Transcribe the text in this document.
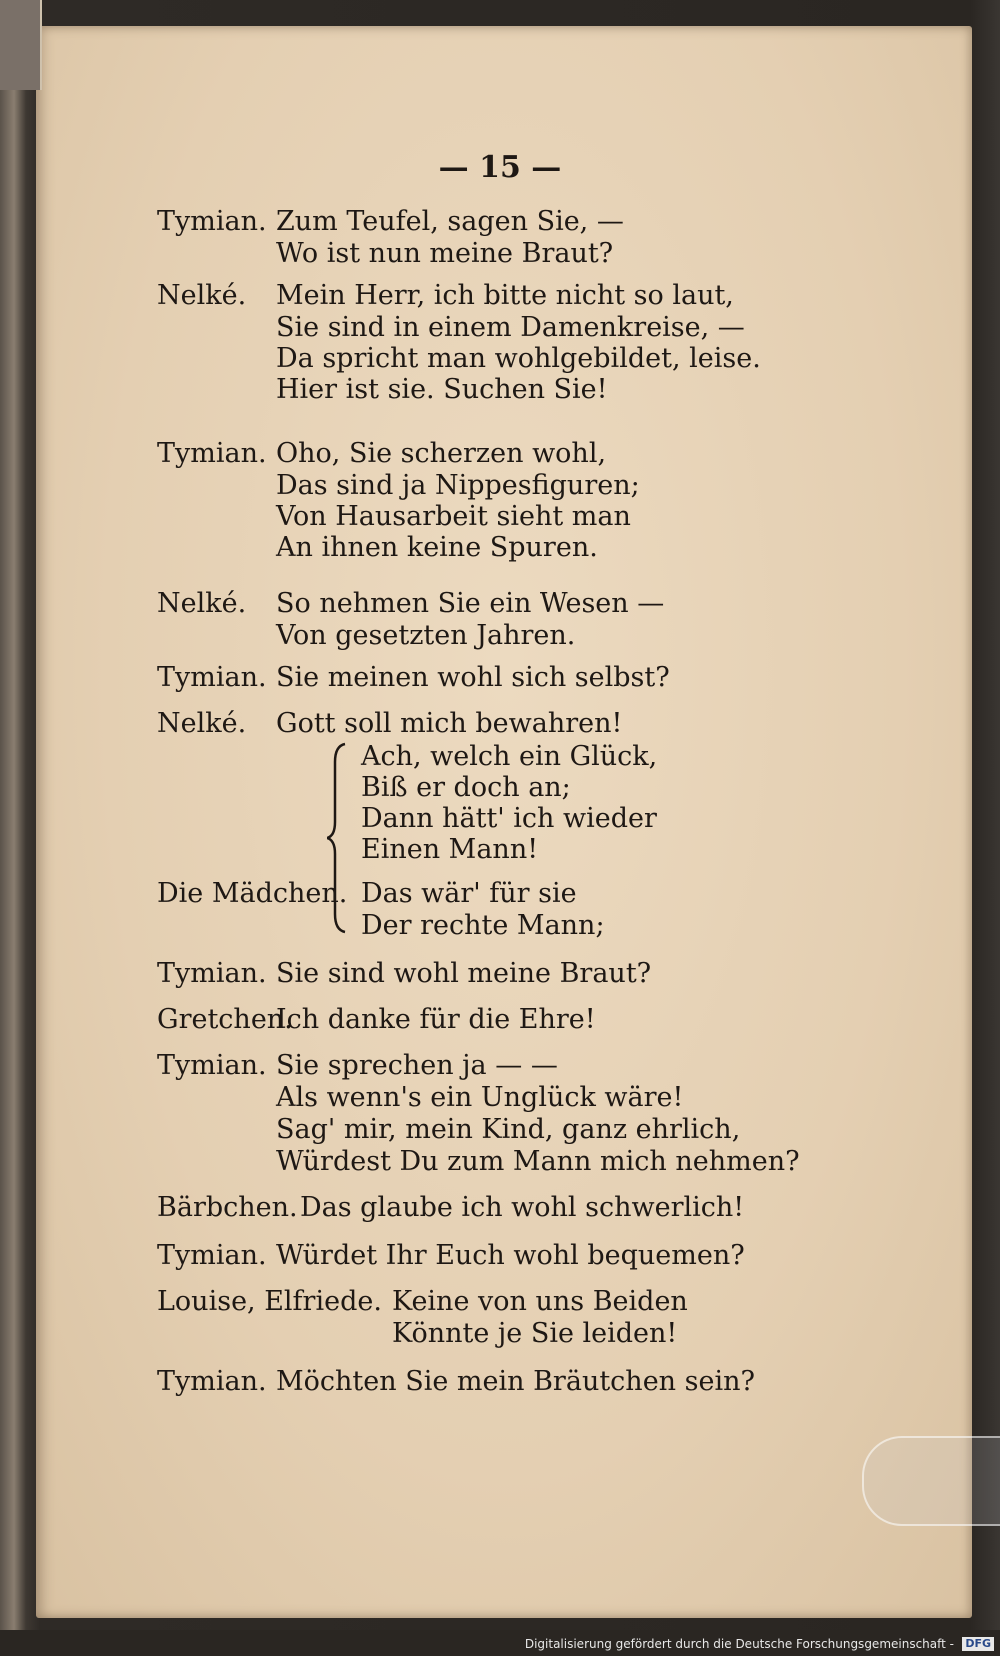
— 15 —
Tymian. Zum Teufel, sagen Sie, —
Wo ist nun meine Braut?
Nelké. Mein Herr, ich bitte nicht so laut,
Sie sind in einem Damenkreise, —
Da spricht man wohlgebildet, leise.
Hier ist sie. Suchen Sie!
Tymian. Oho, Sie scherzen wohl,
Das sind ja Nippesfiguren;
Von Hausarbeit sieht man
An ihnen keine Spuren.
Nelké. So nehmen Sie ein Wesen —
Von gesetzten Jahren.
Tymian. Sie meinen wohl sich selbst?
Nelké. Gott soll mich bewahren!
Ach, welch ein Glück,
Biß er doch an;
Dann hätt' ich wieder
Einen Mann!
Die Mädchen. Das wär' für sie
Der rechte Mann;
Tymian. Sie sind wohl meine Braut?
Gretchen.
Ich danke für die Ehre!
Tymian. Sie sprechen ja — —
Als wenn's ein Unglück wäre!
Sag' mir, mein Kind, ganz ehrlich,
Würdest Du zum Mann mich nehmen?
Bärbchen. Das glaube ich wohl schwerlich!
Tymian. Würdet Ihr Euch wohl bequemen?
Louise, Elfriede. Keine von uns Beiden
Könnte je Sie leiden!
Tymian. Möchten Sie mein Bräutchen sein?
Digitalisierung gefördert durch die Deutsche Forschungsgemeinschaft - DFG
